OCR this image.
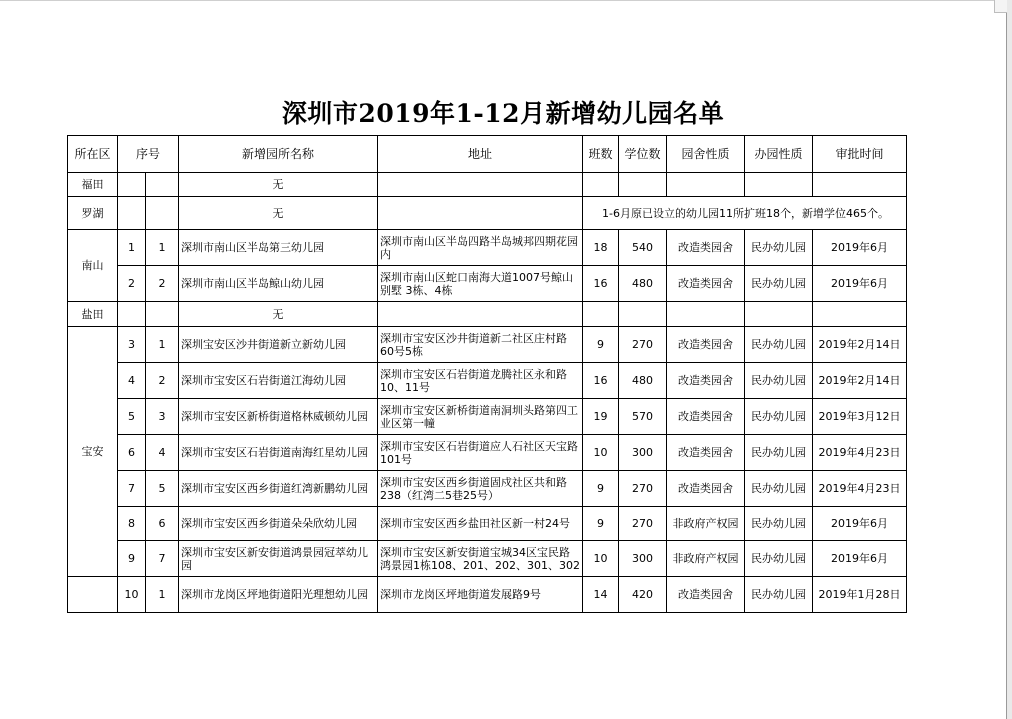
深圳市2019年1-12月新增幼儿园名单
所在区	序号		新增园所名称	地址	班数	学位数	园舍性质	办园性质	审批时间
福田			无						
罗湖			无		1-6月原已设立的幼儿园11所扩班18个，新增学位465个。				
南山	1	1	深圳市南山区半岛第三幼儿园	深圳市南山区半岛四路半岛城邦四期花园内	18	540	改造类园舍	民办幼儿园	2019年6月
	2	2	深圳市南山区半岛鲸山幼儿园	深圳市南山区蛇口南海大道1007号鲸山别墅 3栋、4栋	16	480	改造类园舍	民办幼儿园	2019年6月
盐田			无						
宝安	3	1	深圳宝安区沙井街道新立新幼儿园	深圳市宝安区沙井街道新二社区庄村路60号5栋	9	270	改造类园舍	民办幼儿园	2019年2月14日
	4	2	深圳市宝安区石岩街道江海幼儿园	深圳市宝安区石岩街道龙腾社区永和路10、11号	16	480	改造类园舍	民办幼儿园	2019年2月14日
	5	3	深圳市宝安区新桥街道格林威顿幼儿园	深圳市宝安区新桥街道南洞圳头路第四工业区第一幢	19	570	改造类园舍	民办幼儿园	2019年3月12日
	6	4	深圳市宝安区石岩街道南海红星幼儿园	深圳市宝安区石岩街道应人石社区天宝路101号	10	300	改造类园舍	民办幼儿园	2019年4月23日
	7	5	深圳市宝安区西乡街道红湾新鹏幼儿园	深圳市宝安区西乡街道固戍社区共和路238（红湾二5巷25号）	9	270	改造类园舍	民办幼儿园	2019年4月23日
	8	6	深圳市宝安区西乡街道朵朵欣幼儿园	深圳市宝安区西乡盐田社区新一村24号	9	270	非政府产权园	民办幼儿园	2019年6月
	9	7	深圳市宝安区新安街道鸿景园冠萃幼儿园	深圳市宝安区新安街道宝城34区宝民路鸿景园1栋108、201、202、301、302	10	300	非政府产权园	民办幼儿园	2019年6月
	10	1	深圳市龙岗区坪地街道阳光理想幼儿园	深圳市龙岗区坪地街道发展路9号	14	420	改造类园舍	民办幼儿园	2019年1月28日
